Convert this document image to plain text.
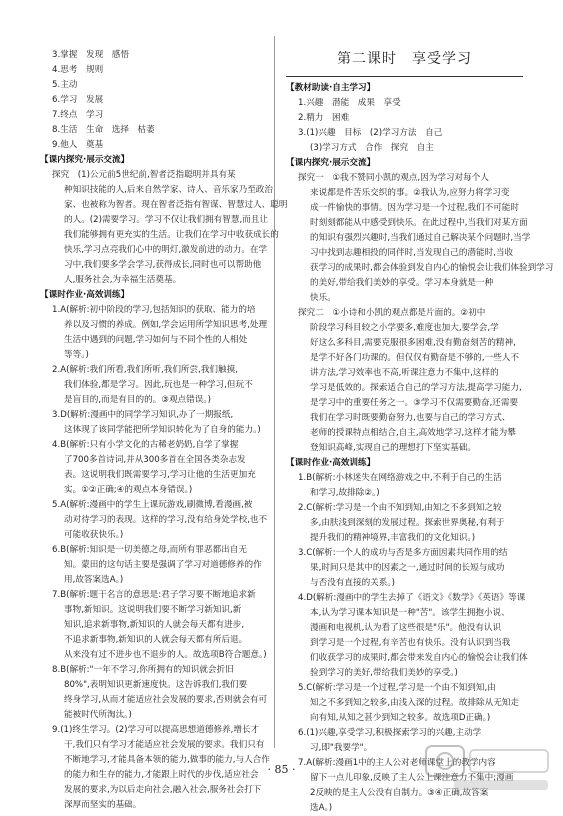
3.掌握　发现　感悟
4.思考　规则
5.主动
6.学习　发展
7.终点　学习
8.生活　生命　选择　枯萎
9.他人　奠基
【课内探究·展示交流】
探究　(1)公元前5世纪前,智者泛指聪明并具有某
种知识技能的人,后来自然学家、诗人、音乐家乃至政治
家、也被称为智者。现在智者泛指有智谋、智慧过人、聪明
的人。(2)需要学习。学习不仅让我们拥有智慧,而且让
我们能够拥有更充实的生活。让我们在学习中收获成长的
快乐,学习点亮我们心中的明灯,激发前进的动力。在学
习中,我们要多学会学习,获得成长,同时也可以帮助他
人,服务社会,为幸福生活奠基。
【课时作业·高效训练】
1.A(解析:初中阶段的学习,包括知识的获取、能力的培
养以及习惯的养成。例如,学会运用所学知识思考,处理
生活中遇到的问题,学习如何与不同个性的人相处
等等。)
2.A(解析:我们所看,我们所听,我们所尝,我们触摸,
我们体验,都是学习。因此,玩也是一种学习,但玩不
是盲目的,而是有目的的。③观点错误。)
3.D(解析:漫画中的同学学习知识,办了一期报纸,
这体现了该同学能把所学知识转化为了自身的能力。)
4.B(解析:只有小学文化的古稀老奶奶,自学了掌握
了700多首诗词,并从300多首在全国各类杂志发
表。这说明我们既需要学习,学习让他的生活更加充
实。①②正确;④的观点本身错误。)
5.A(解析:漫画中的学生上课玩游戏,刷微博,看漫画,被
动对待学习的表现。这样的学习,没有给身处学校,也不
可能收获快乐。)
6.B(解析:知识是一切美德之母,而所有罪恶都出自无
知。蒙田的这句话主要是强调了学习对道德修养的作
用,故答案选A。)
7.B(解析:题干名言的意思是:君子学习要不断地追求新
事物,新知识。这说明我们要不断学习新知识,新
知识,追求新事物,新知识的人就会每天都有进步,
不追求新事物,新知识的人就会每天都有所后退。
从来没有过不进步也不退步的人。故选项B符合题意。)
8.B(解析:"一年不学习,你所拥有的知识就会折旧
80%",表明知识更新速度快。这告诉我们,我们要
终身学习,从而才能适应社会发展的要求,否则就会有可
能被时代所淘汰。)
9.(1)终生学习。(2)学习可以提高思想道德修养,增长才
干,我们只有学习才能适应社会发展的要求。我们只有
不断地学习,才能具备本领的能力,做事的能力,与人合作
的能力和生存的能力,才能跟上时代的步伐,适应社会
发展的要求,为以后走向社会,融入社会,服务社会打下
深厚而坚实的基础。
第二课时　享受学习
【教材助读·自主学习】
1.兴趣　潜能　成果　享受
2.精力　困难
3.(1)兴趣　目标　(2)学习方法　自己
(3)学习方式　合作　探究　自主
【课内探究·展示交流】
探究一　①我不赞同小凯的观点,因为学习对每个人
来说都是件苦乐交织的事。②我认为,应努力将学习变
成一件愉快的事情。因为学习是一个过程,我们不可能时
时刻刻都能从中感受到快乐。在此过程中,当我们对某方面
的知识有强烈兴趣时,当我们通过自己解决某个问题时,当学
习中找到志趣相投的同伴时,当发现自己的潜能时,当收
获学习的成果时,都会体验到发自内心的愉悦会让我们体验到学习
的美好,带给我们美妙的享受。学习本身就是一种
快乐。
探究二　①小诗和小凯的观点都是片面的。②初中
阶段学习科目较之小学要多,难度也加大,要学会,学
好这么多科目,需要克服很多困难,没有勤奋刻苦的精神,
是学不好各门功课的。但仅仅有勤奋是不够的,一些人不
讲方法,学习效率也不高,听课注意力不集中,这样的
学习是低效的。探索适合自己的学习方法,提高学习能力,
是学习中的重要任务之一。③学习不仅需要勤奋,还需要
我们在学习时既要勤奋努力,也要与自己的学习方式、
老师的授课特点相结合,自主,高效地学习,这样才能为攀
登知识高峰,实现自己的理想打下坚实基础。
【课时作业·高效训练】
1.B(解析:小林迷失在网络游戏之中,不利于自己的生活
和学习,故排除②。)
2.C(解析:学习是一个由不知到知,由知之不多到知之较
多,由肤浅到深刻的发展过程。探索世界奥秘,有利于
提升我们的精神境界,丰富我们的文化知识。)
3.C(解析:一个人的成功与否是多方面因素共同作用的结
果,时间只是其中的因素之一,通过时间的长短与成功
与否没有直接的关系。)
4.D(解析:漫画中的学生去掉了《语文》《数学》《英语》等课
本,认为学习课本知识是一种"苦"。该学生拥抱小说、
漫画和电视机,认为看了这些很是"乐"。他没有认识
到学习是一个过程,有辛苦也有快乐。没有认识到当我
们收获学习的成果时,都会带来发自内心的愉悦会让我们体
验到学习的美好,带给我们美妙的享受。)
5.C(解析:学习是一个过程,学习是一个由不知到知,由
知之不多到知之较多,由浅入深的过程。故排除从无知走
向有知,从知之甚少到知之较多。故选项D正确。)
6.(1)兴趣,享受学习,积极探索学习的兴趣,主动学
习,即"我要学"。
7.A(解析:漫画1中的主人公对老师课堂上的教学内容
留下一点儿印象,反映了主人公上课注意力不集中;漫画
2反映的是主人公没有自制力。③④正确,故答案
选A。)
· 85 ·
